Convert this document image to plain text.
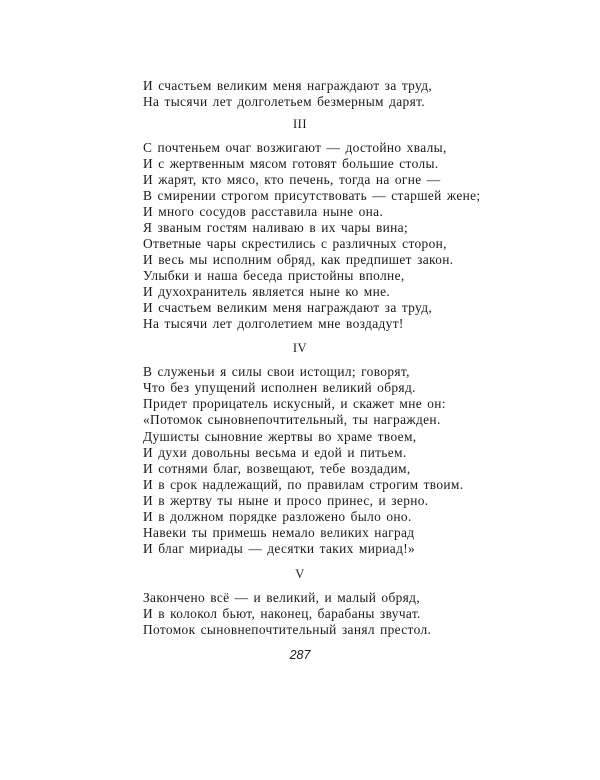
И счастьем великим меня награждают за труд,
На тысячи лет долголетьем безмерным дарят.
III
С почтеньем очаг возжигают — достойно хвалы,
И с жертвенным мясом готовят большие столы.
И жарят, кто мясо, кто печень, тогда на огне —
В смирении строгом присутствовать — старшей жене;
И много сосудов расставила ныне она.
Я званым гостям наливаю в их чары вина;
Ответные чары скрестились с различных сторон,
И весь мы исполним обряд, как предпишет закон.
Улыбки и наша беседа пристойны вполне,
И духохранитель является ныне ко мне.
И счастьем великим меня награждают за труд,
На тысячи лет долголетием мне воздадут!
IV
В служеньи я силы свои истощил; говорят,
Что без упущений исполнен великий обряд.
Придет прорицатель искусный, и скажет мне он:
«Потомок сыновнепочтительный, ты награжден.
Душисты сыновние жертвы во храме твоем,
И духи довольны весьма и едой и питьем.
И сотнями благ, возвещают, тебе воздадим,
И в срок надлежащий, по правилам строгим твоим.
И в жертву ты ныне и просо принес, и зерно.
И в должном порядке разложено было оно.
Навеки ты примешь немало великих наград
И благ мириады — десятки таких мириад!»
V
Закончено всё — и великий, и малый обряд,
И в колокол бьют, наконец, барабаны звучат.
Потомок сыновнепочтительный занял престол.
287
